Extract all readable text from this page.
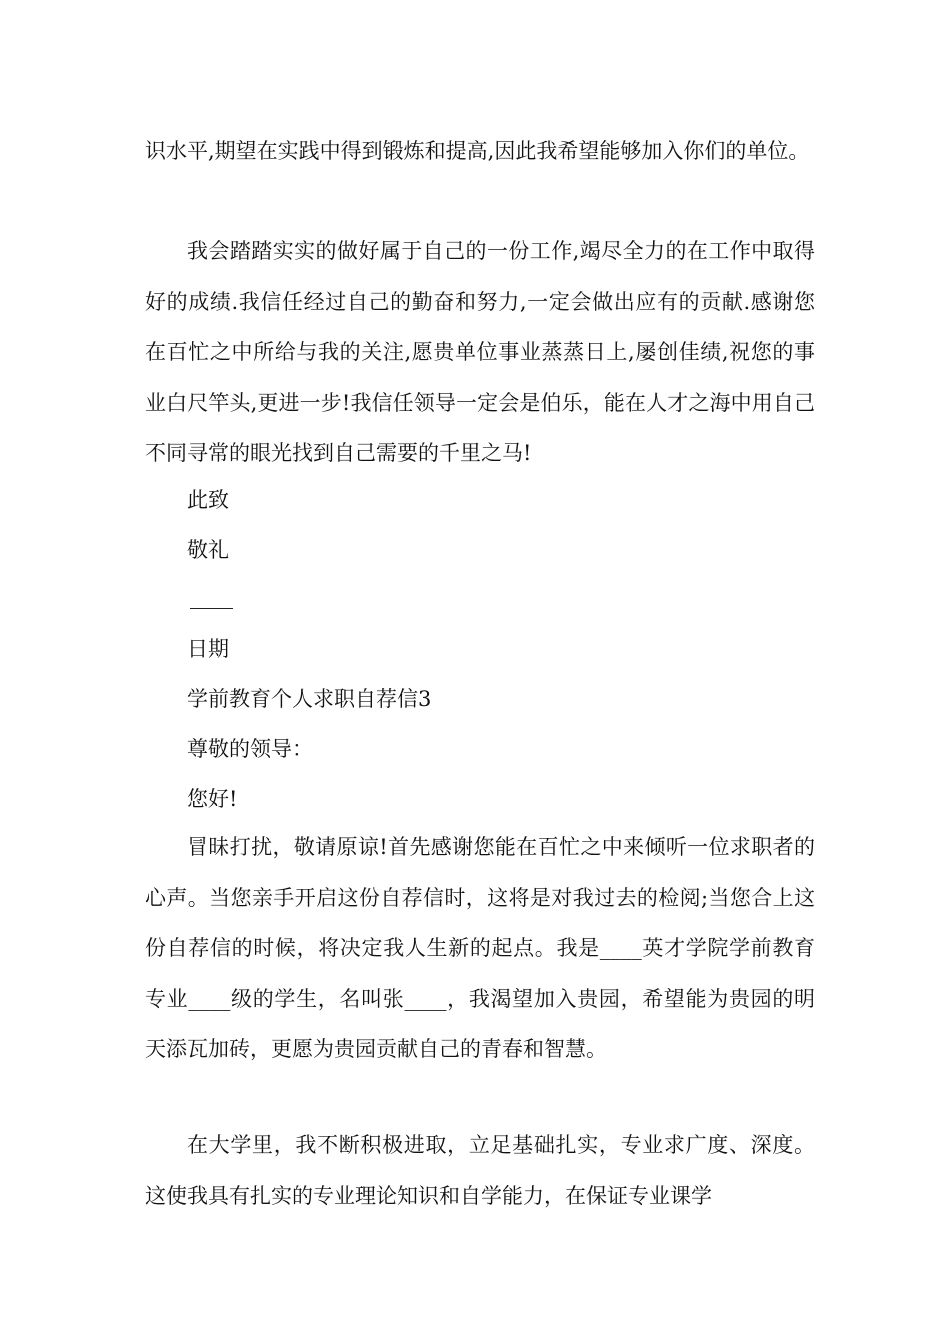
识水平,期望在实践中得到锻炼和提高,因此我希望能够加入你们的单位。

我会踏踏实实的做好属于自己的一份工作,竭尽全力的在工作中取得好的成绩.我信任经过自己的勤奋和努力,一定会做出应有的贡献.感谢您在百忙之中所给与我的关注,愿贵单位事业蒸蒸日上,屡创佳绩,祝您的事业白尺竿头,更进一步!我信任领导一定会是伯乐，能在人才之海中用自己不同寻常的眼光找到自己需要的千里之马!

此致
敬礼
日期
学前教育个人求职自荐信3
尊敬的领导：
您好!

冒昧打扰，敬请原谅!首先感谢您能在百忙之中来倾听一位求职者的心声。当您亲手开启这份自荐信时，这将是对我过去的检阅;当您合上这份自荐信的时候，将决定我人生新的起点。我是____英才学院学前教育专业____级的学生，名叫张____，我渴望加入贵园，希望能为贵园的明天添瓦加砖，更愿为贵园贡献自己的青春和智慧。

在大学里，我不断积极进取，立足基础扎实，专业求广度、深度。这使我具有扎实的专业理论知识和自学能力，在保证专业课学
